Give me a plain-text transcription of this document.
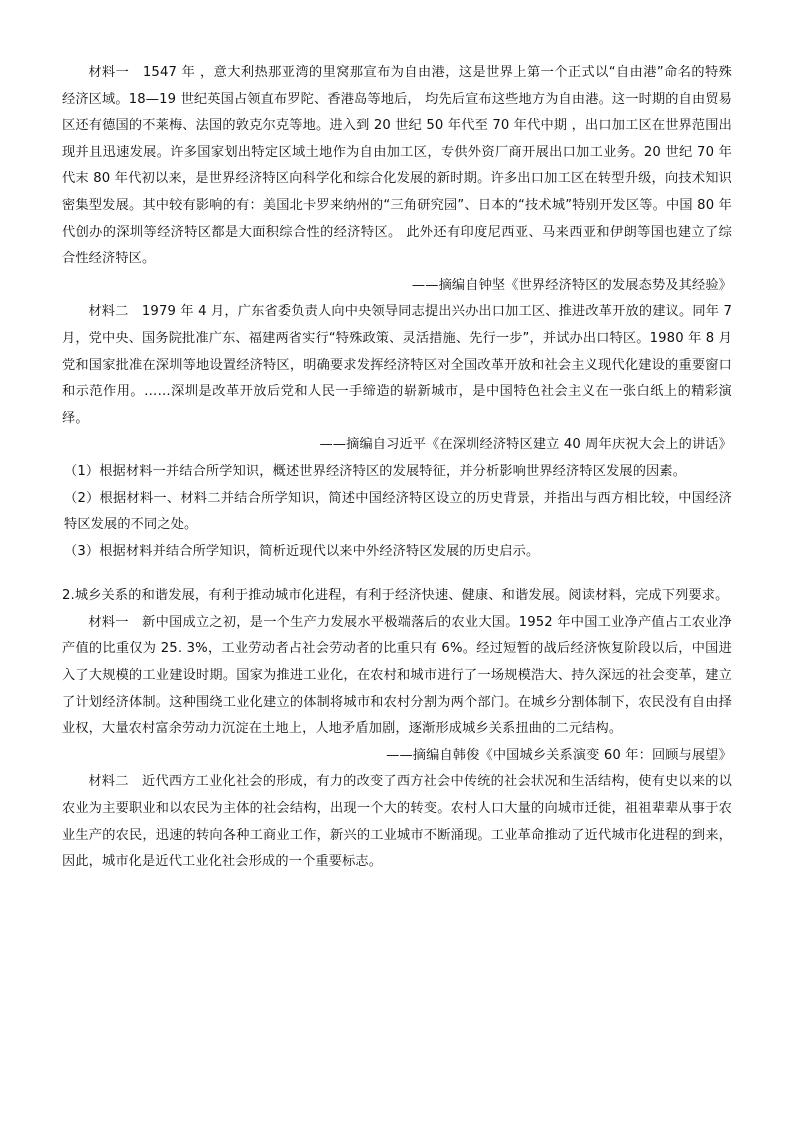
材料一　1547 年 ，意大利热那亚湾的里窝那宣布为自由港，这是世界上第一个正式以“自由港”命名的特殊经济区域。18—19 世纪英国占领直布罗陀、香港岛等地后， 均先后宣布这些地方为自由港。这一时期的自由贸易区还有德国的不莱梅、法国的敦克尔克等地。进入到 20 世纪 50 年代至 70 年代中期 ，出口加工区在世界范围出现并且迅速发展。许多国家划出特定区域土地作为自由加工区，专供外资厂商开展出口加工业务。20 世纪 70 年代末 80 年代初以来，是世界经济特区向科学化和综合化发展的新时期。许多出口加工区在转型升级，向技术知识密集型发展。其中较有影响的有：美国北卡罗来纳州的“三角研究园”、日本的“技术城”特别开发区等。中国 80 年代创办的深圳等经济特区都是大面积综合性的经济特区。 此外还有印度尼西亚、马来西亚和伊朗等国也建立了综合性经济特区。

——摘编自钟坚《世界经济特区的发展态势及其经验》

材料二　1979 年 4 月，广东省委负责人向中央领导同志提出兴办出口加工区、推进改革开放的建议。同年 7 月，党中央、国务院批准广东、福建两省实行“特殊政策、灵活措施、先行一步”，并试办出口特区。1980 年 8 月党和国家批准在深圳等地设置经济特区，明确要求发挥经济特区对全国改革开放和社会主义现代化建设的重要窗口和示范作用。……深圳是改革开放后党和人民一手缔造的崭新城市，是中国特色社会主义在一张白纸上的精彩演绎。

——摘编自习近平《在深圳经济特区建立 40 周年庆祝大会上的讲话》

（1）根据材料一并结合所学知识，概述世界经济特区的发展特征，并分析影响世界经济特区发展的因素。

（2）根据材料一、材料二并结合所学知识，简述中国经济特区设立的历史背景，并指出与西方相比较，中国经济特区发展的不同之处。

（3）根据材料并结合所学知识，简析近现代以来中外经济特区发展的历史启示。

2.城乡关系的和谐发展，有利于推动城市化进程，有利于经济快速、健康、和谐发展。阅读材料，完成下列要求。

材料一　新中国成立之初，是一个生产力发展水平极端落后的农业大国。1952 年中国工业净产值占工农业净产值的比重仅为 25. 3%，工业劳动者占社会劳动者的比重只有 6%。经过短暂的战后经济恢复阶段以后，中国进入了大规模的工业建设时期。国家为推进工业化，在农村和城市进行了一场规模浩大、持久深远的社会变革，建立了计划经济体制。这种围绕工业化建立的体制将城市和农村分割为两个部门。在城乡分割体制下，农民没有自由择业权，大量农村富余劳动力沉淀在土地上，人地矛盾加剧，逐渐形成城乡关系扭曲的二元结构。

——摘编自韩俊《中国城乡关系演变 60 年：回顾与展望》

材料二　近代西方工业化社会的形成，有力的改变了西方社会中传统的社会状况和生活结构，使有史以来的以农业为主要职业和以农民为主体的社会结构，出现一个大的转变。农村人口大量的向城市迁徙，祖祖辈辈从事于农业生产的农民，迅速的转向各种工商业工作，新兴的工业城市不断涌现。工业革命推动了近代城市化进程的到来，因此，城市化是近代工业化社会形成的一个重要标志。
